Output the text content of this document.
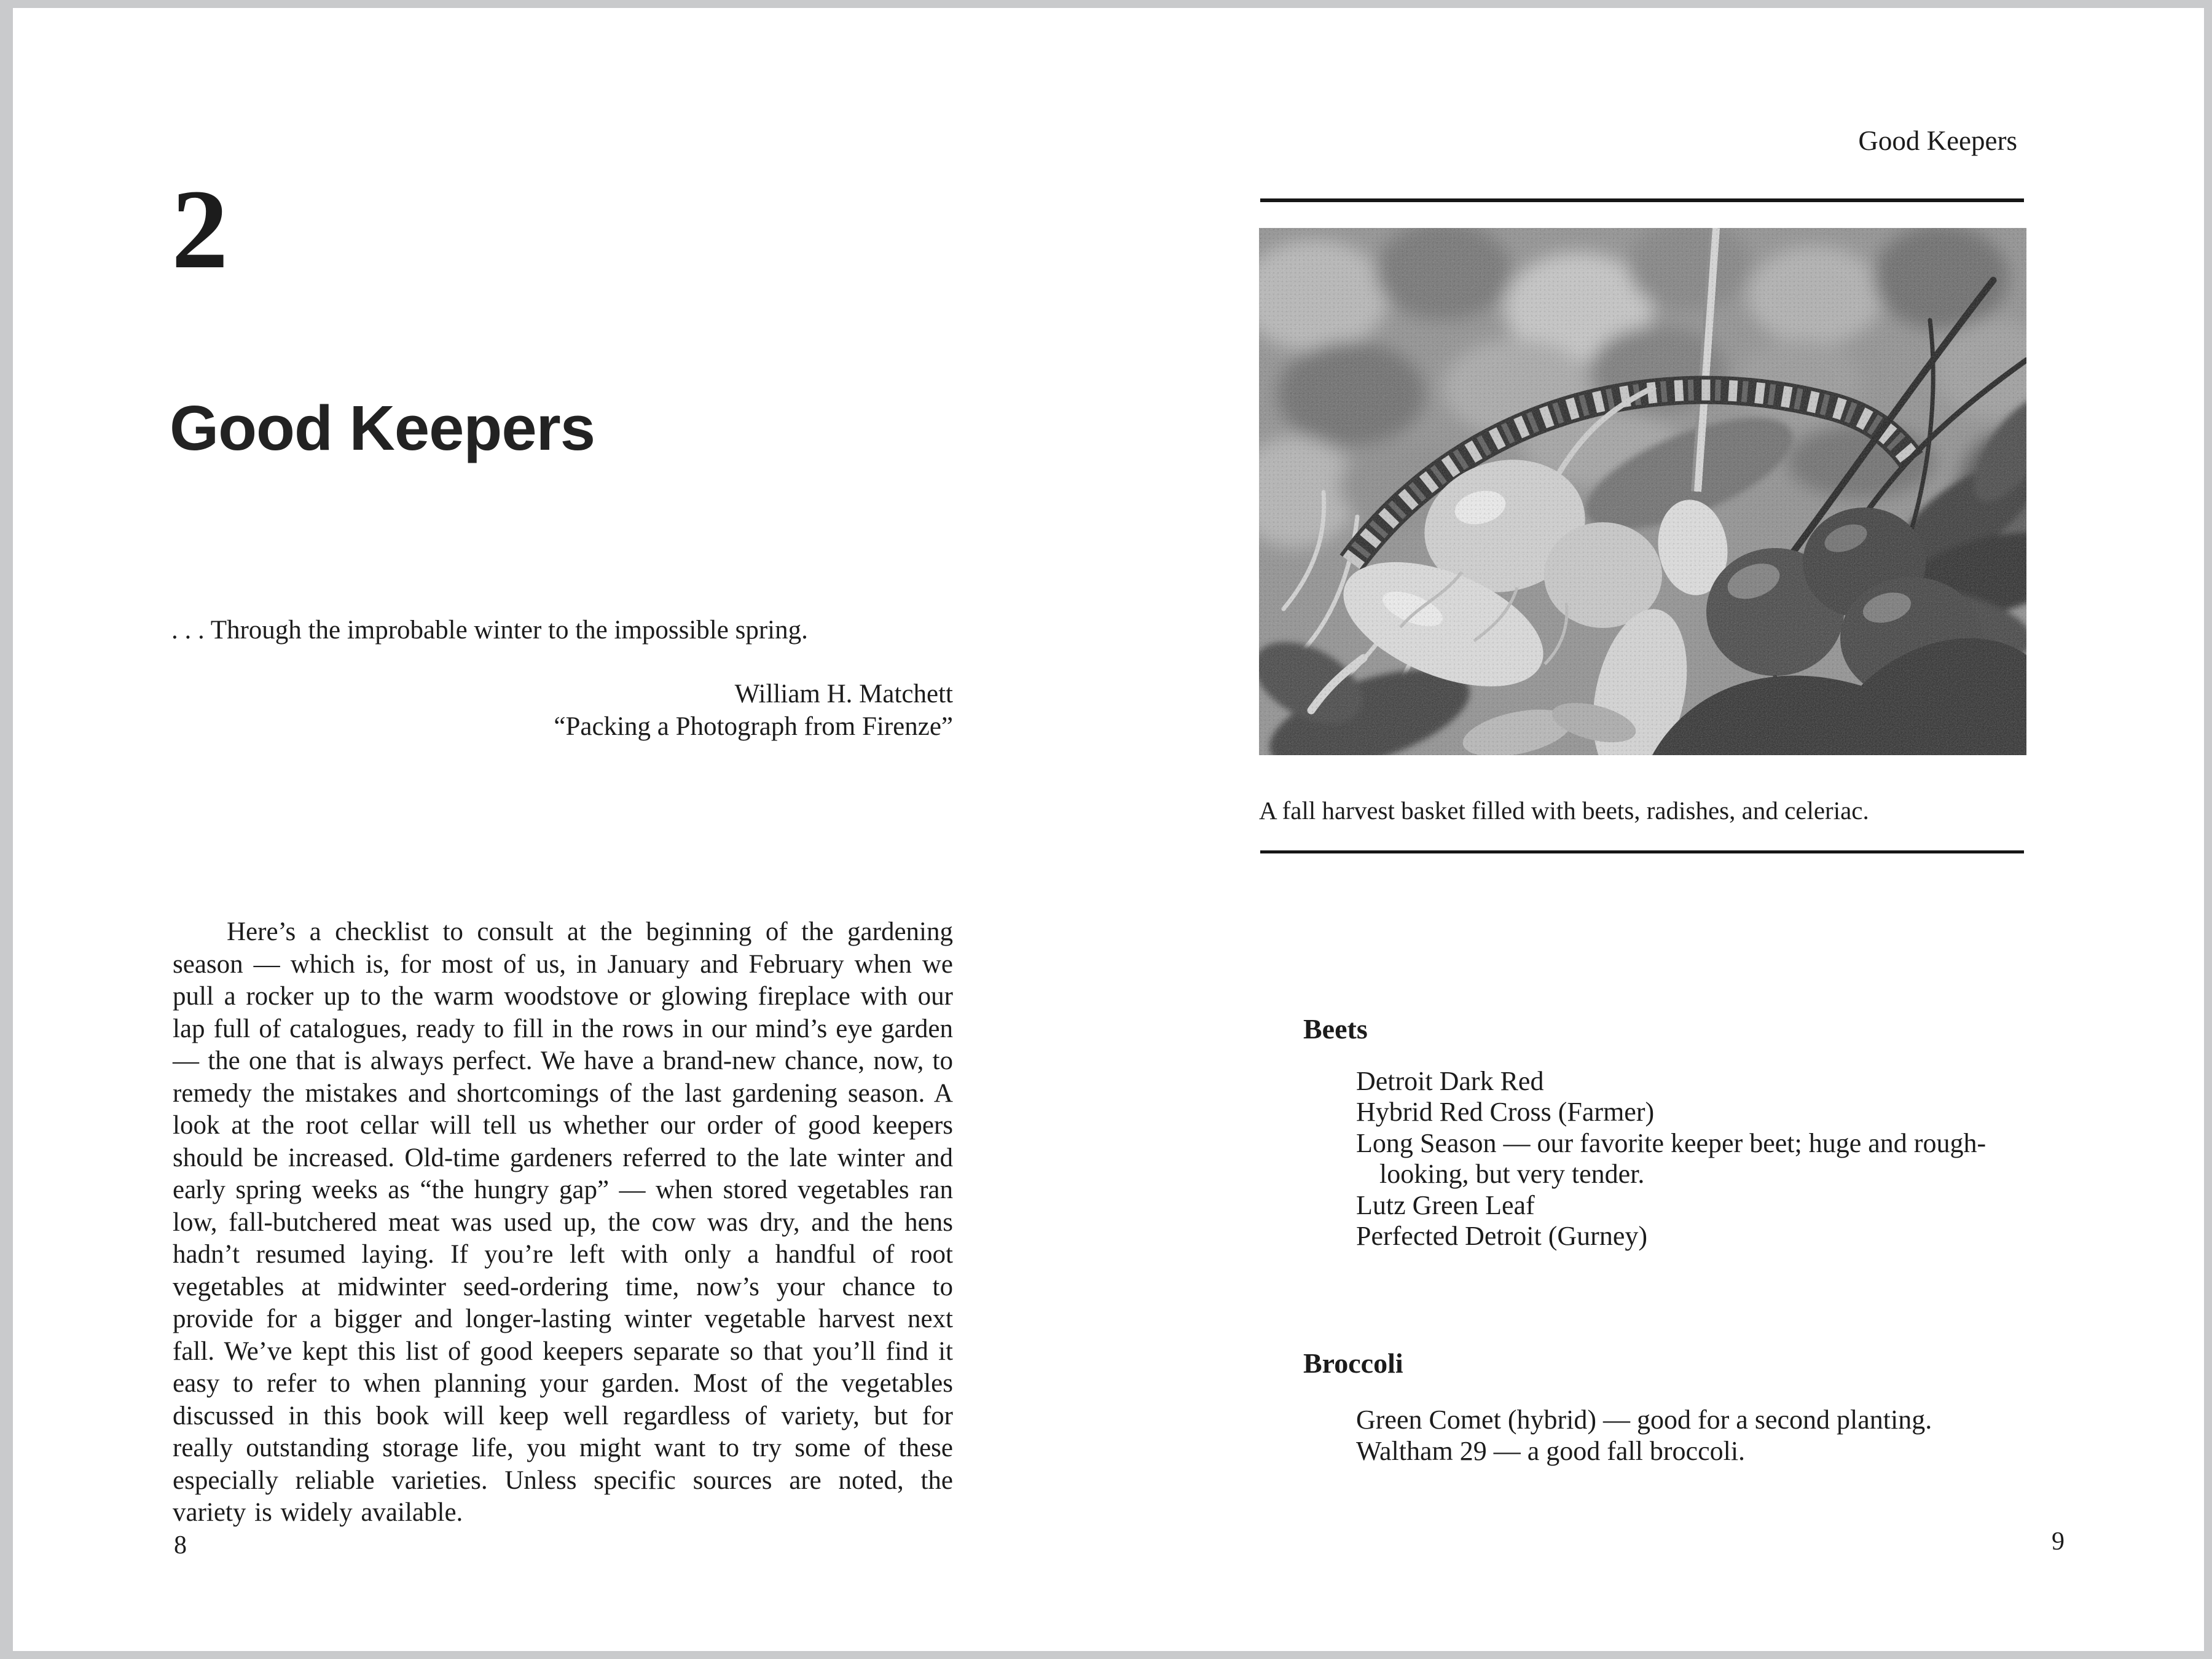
2
Good Keepers
. . . Through the improbable winter to the impossible spring.
William H. Matchett
“Packing a Photograph from Firenze”
Here’s a checklist to consult at the beginning of the gardening season — which is, for most of us, in January and February when we pull a rocker up to the warm woodstove or glowing fireplace with our lap full of catalogues, ready to fill in the rows in our mind’s eye garden — the one that is always perfect. We have a brand-new chance, now, to remedy the mistakes and shortcomings of the last gardening season. A look at the root cellar will tell us whether our order of good keepers should be increased. Old-time gardeners referred to the late winter and early spring weeks as “the hungry gap” — when stored vegetables ran low, fall-butchered meat was used up, the cow was dry, and the hens hadn’t resumed laying. If you’re left with only a handful of root vegetables at midwinter seed-ordering time, now’s your chance to provide for a bigger and longer-lasting winter vegetable harvest next fall. We’ve kept this list of good keepers separate so that you’ll find it easy to refer to when planning your garden. Most of the vegetables discussed in this book will keep well regardless of variety, but for really outstanding storage life, you might want to try some of these especially reliable varieties. Unless specific sources are noted, the variety is widely available.
8
Good Keepers
A fall harvest basket filled with beets, radishes, and celeriac.
Beets
Detroit Dark Red
Hybrid Red Cross (Farmer)
Long Season — our favorite keeper beet; huge and rough-
looking, but very tender.
Lutz Green Leaf
Perfected Detroit (Gurney)
Broccoli
Green Comet (hybrid) — good for a second planting.
Waltham 29 — a good fall broccoli.
9
